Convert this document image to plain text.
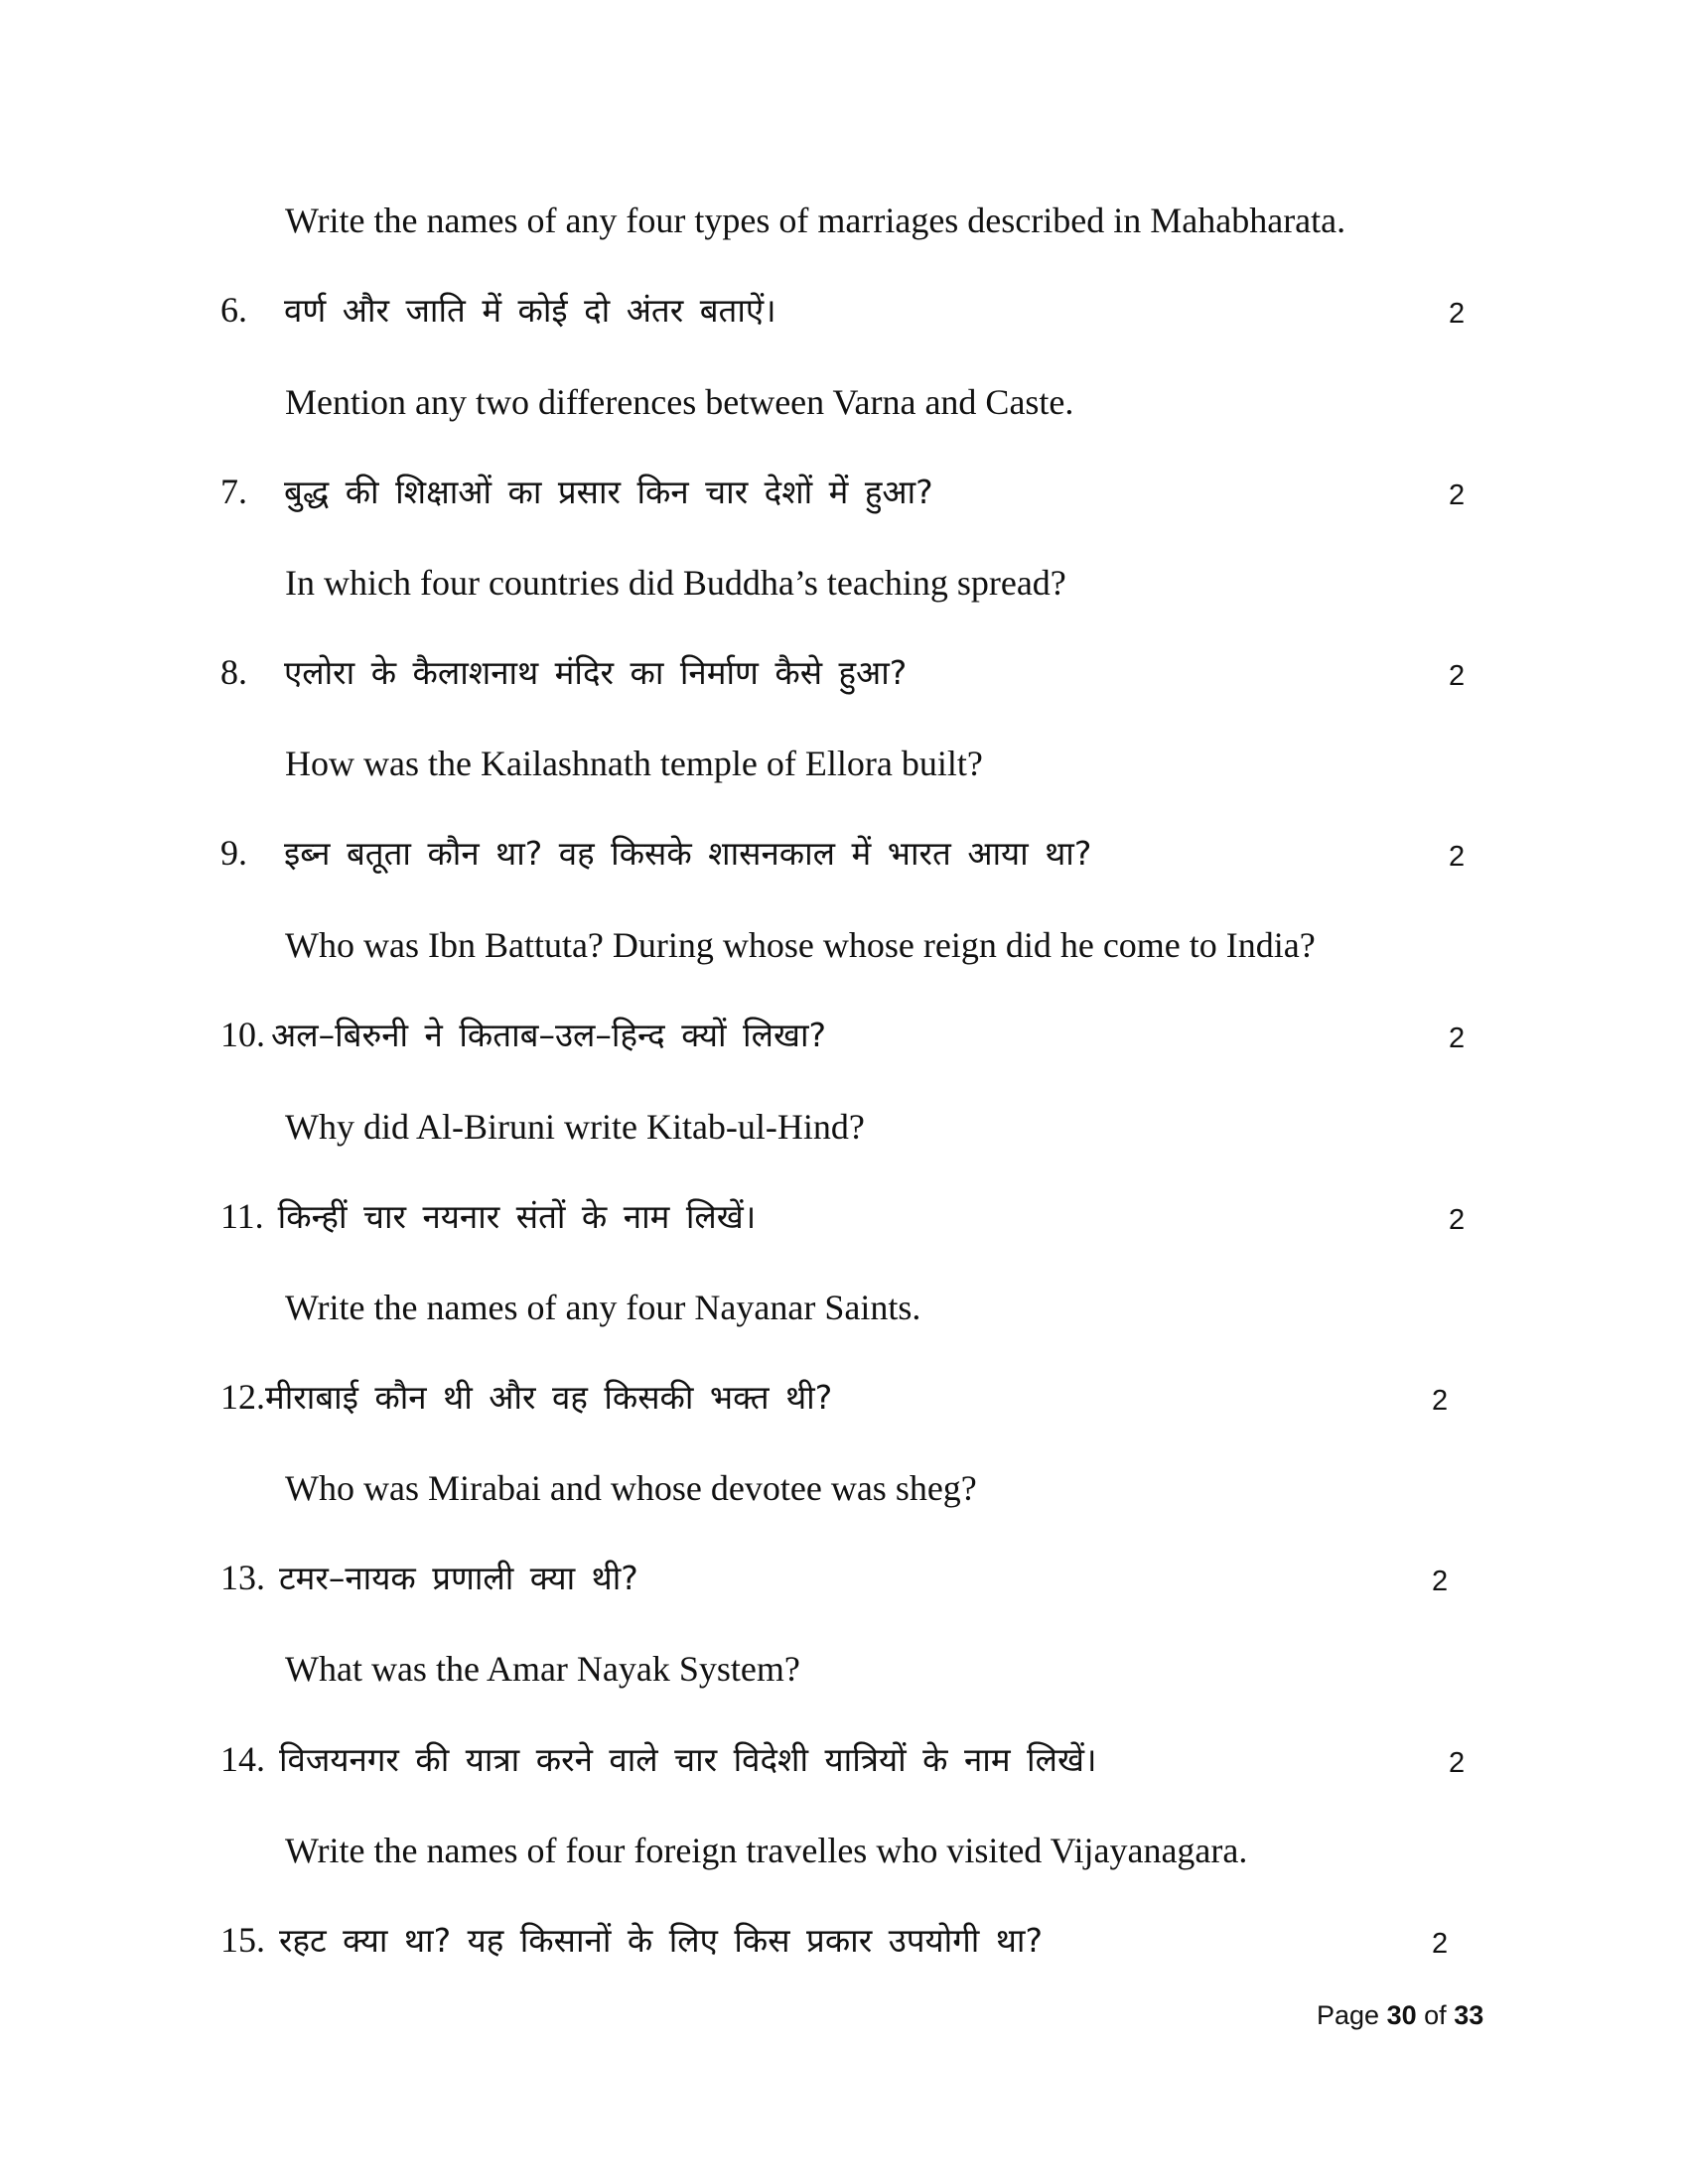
Write the names of any four types of marriages described in Mahabharata.
6. वर्ण और जाति में कोई दो अंतर बताऐं।	2
Mention any two differences between Varna and Caste.
7. बुद्ध की शिक्षाओं का प्रसार किन चार देशों में हुआ?	2
In which four countries did Buddha’s teaching spread?
8. एलोरा के कैलाशनाथ मंदिर का निर्माण कैसे हुआ?	2
How was the Kailashnath temple of Ellora built?
9. इब्न बतूता कौन था? वह किसके शासनकाल में भारत आया था?	2
Who was Ibn Battuta? During whose whose reign did he come to India?
10. अल–बिरुनी ने किताब–उल–हिन्द क्यों लिखा?	2
Why did Al-Biruni write Kitab-ul-Hind?
11. किन्हीं चार नयनार संतों के नाम लिखें।	2
Write the names of any four Nayanar Saints.
12.मीराबाई कौन थी और वह किसकी भक्त थी?	2
Who was Mirabai and whose devotee was sheg?
13. टमर–नायक प्रणाली क्या थी?	2
What was the Amar Nayak System?
14. विजयनगर की यात्रा करने वाले चार विदेशी यात्रियों के नाम लिखें।	2
Write the names of four foreign travelles who visited Vijayanagara.
15. रहट क्या था? यह किसानों के लिए किस प्रकार उपयोगी था?	2
Page 30 of 33
